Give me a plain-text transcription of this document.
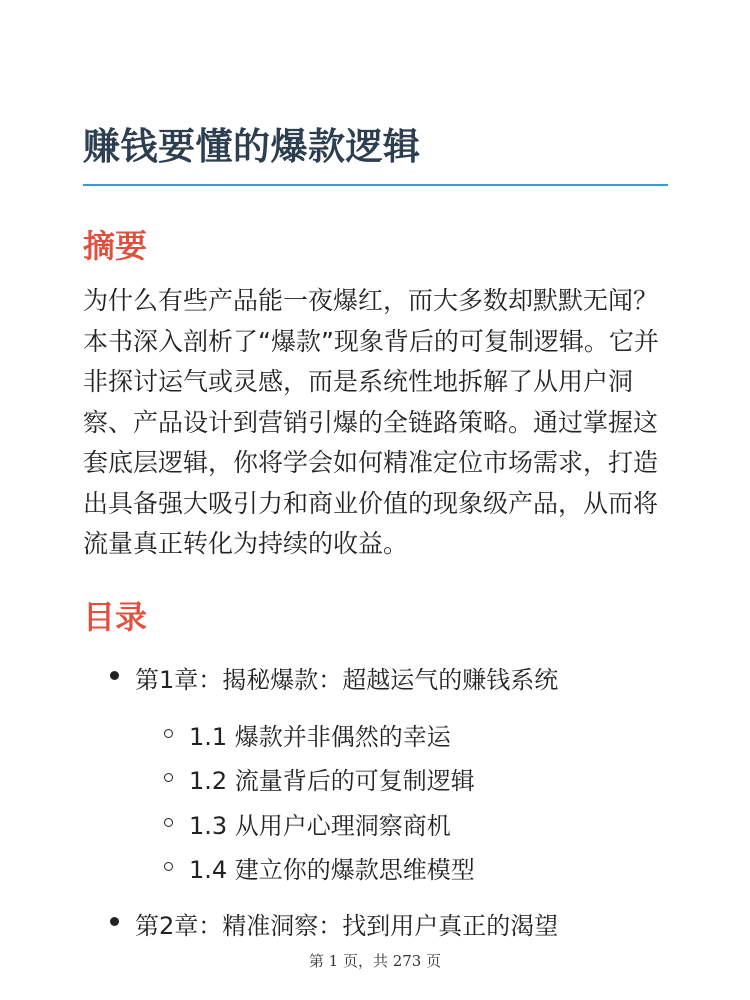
赚钱要懂的爆款逻辑
摘要

为什么有些产品能一夜爆红，而大多数却默默无闻？本书深入剖析了“爆款”现象背后的可复制逻辑。它并非探讨运气或灵感，而是系统性地拆解了从用户洞察、产品设计到营销引爆的全链路策略。通过掌握这套底层逻辑，你将学会如何精准定位市场需求，打造出具备强大吸引力和商业价值的现象级产品，从而将流量真正转化为持续的收益。

目录
第1章：揭秘爆款：超越运气的赚钱系统
1.1 爆款并非偶然的幸运
1.2 流量背后的可复制逻辑
1.3 从用户心理洞察商机
1.4 建立你的爆款思维模型
第2章：精准洞察：找到用户真正的渴望
第 1 页，共 273 页
